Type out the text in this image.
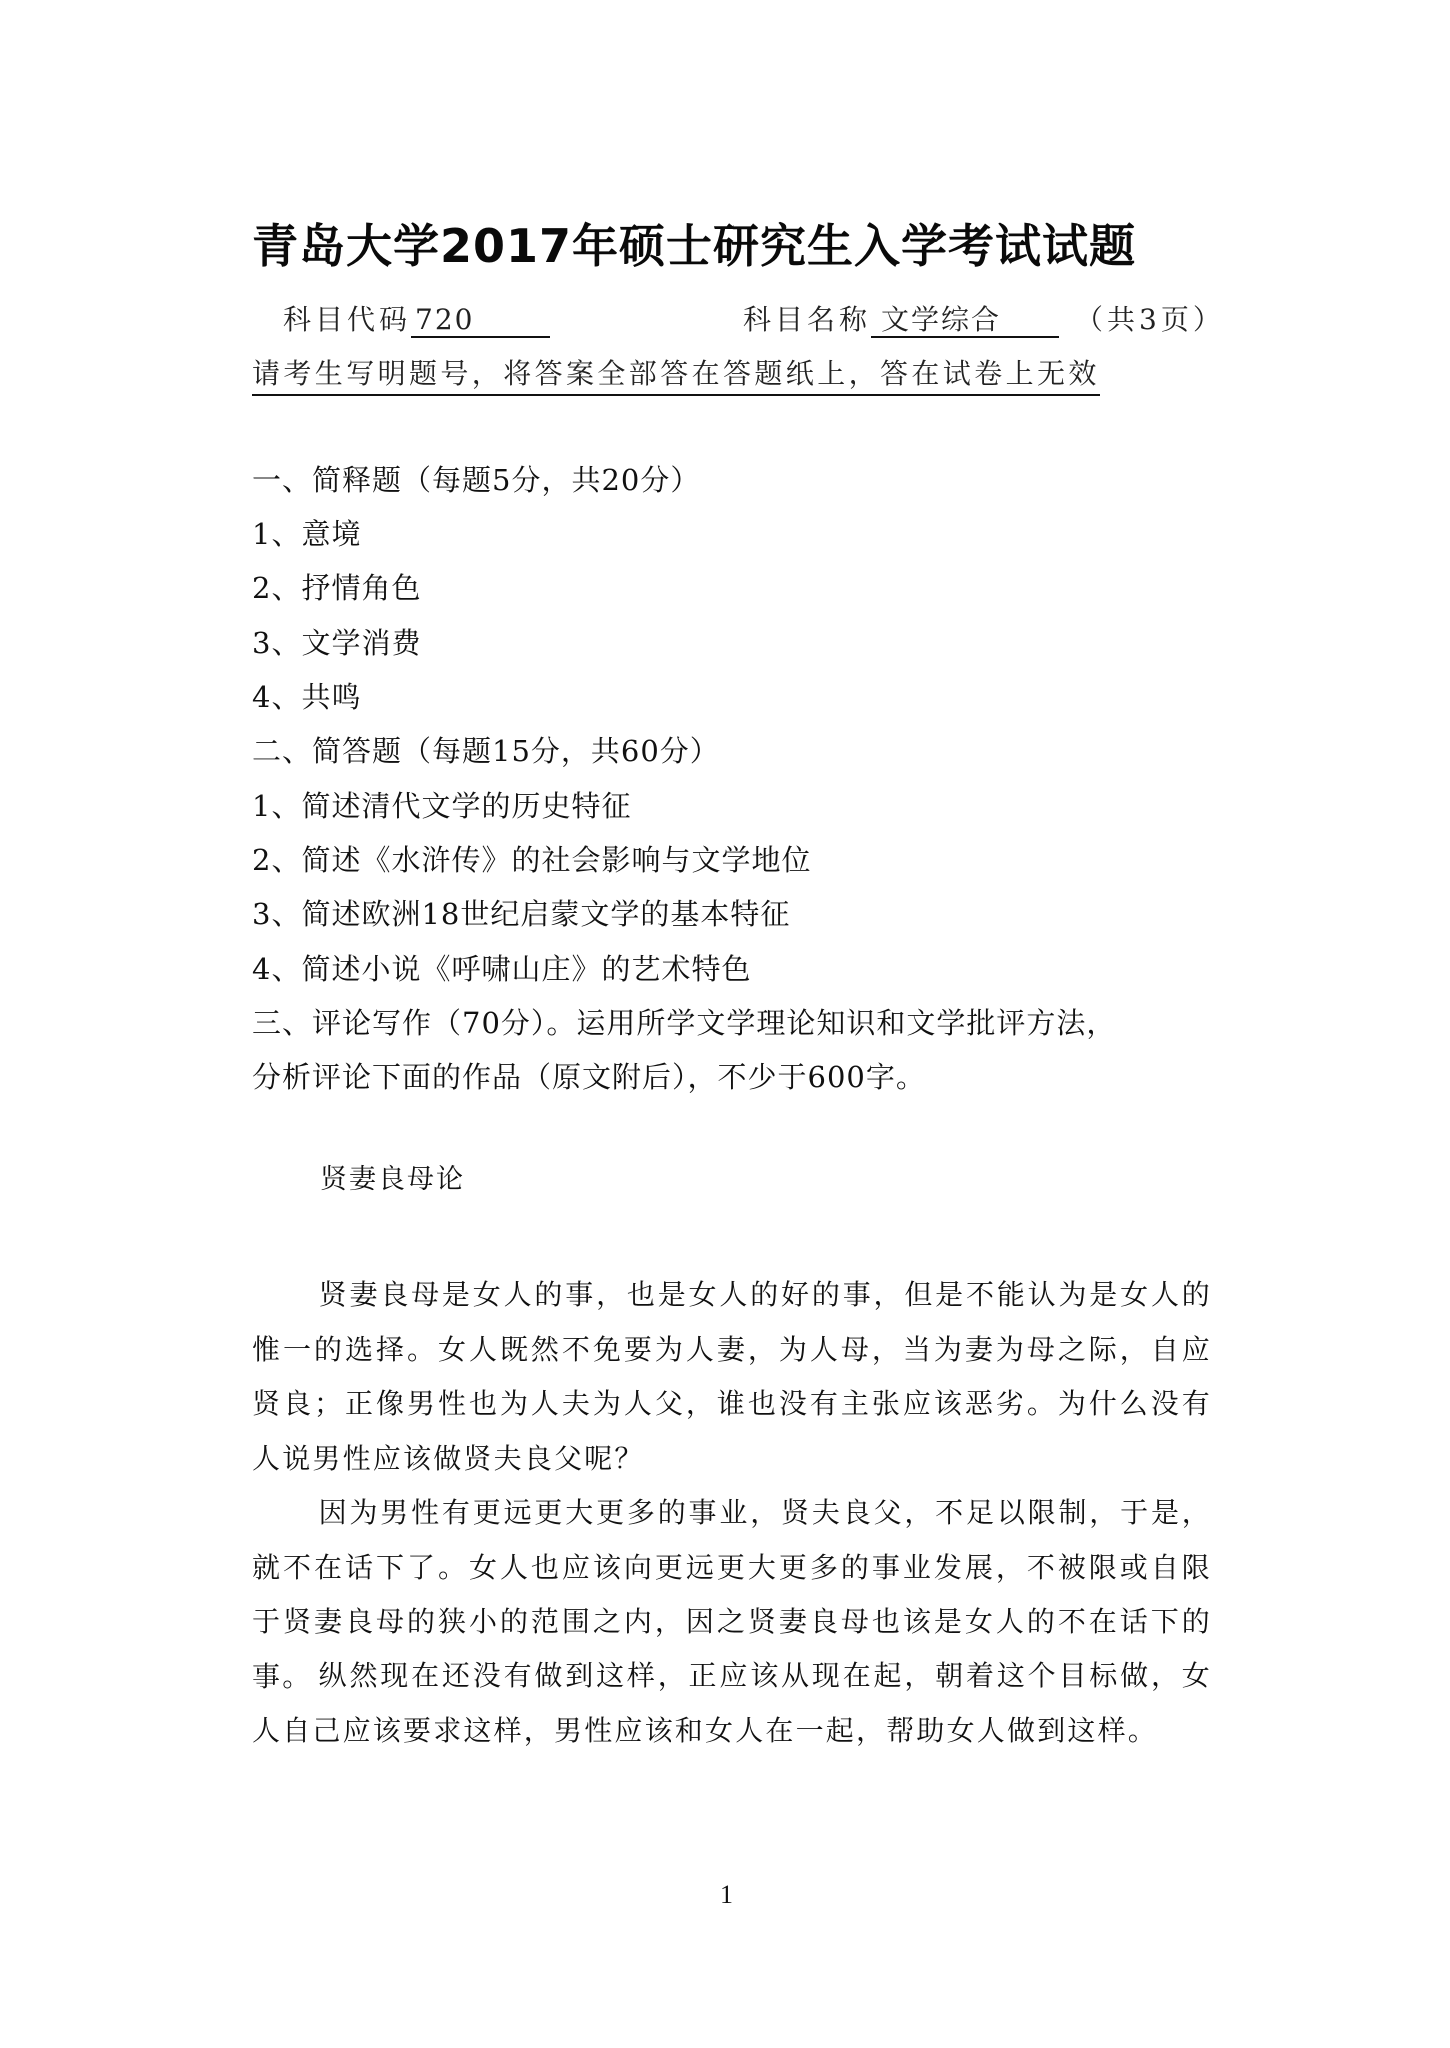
青岛大学2017年硕士研究生入学考试试题
科目代码 720	科目名称 文学综合	（共3页）
请考生写明题号，将答案全部答在答题纸上，答在试卷上无效
一、简释题（每题5分，共20分）
1、意境
2、抒情角色
3、文学消费
4、共鸣
二、简答题（每题15分，共60分）
1、简述清代文学的历史特征
2、简述《水浒传》的社会影响与文学地位
3、简述欧洲18世纪启蒙文学的基本特征
4、简述小说《呼啸山庄》的艺术特色
三、评论写作（70分）。运用所学文学理论知识和文学批评方法，
分析评论下面的作品（原文附后），不少于600字。
贤妻良母论
贤妻良母是女人的事，也是女人的好的事，但是不能认为是女人的惟一的选择。女人既然不免要为人妻，为人母，当为妻为母之际，自应贤良；正像男性也为人夫为人父，谁也没有主张应该恶劣。为什么没有人说男性应该做贤夫良父呢？
因为男性有更远更大更多的事业，贤夫良父，不足以限制，于是，就不在话下了。女人也应该向更远更大更多的事业发展，不被限或自限于贤妻良母的狭小的范围之内，因之贤妻良母也该是女人的不在话下的事。 纵然现在还没有做到这样，正应该从现在起，朝着这个目标做，女人自己应该要求这样，男性应该和女人在一起，帮助女人做到这样。
1
